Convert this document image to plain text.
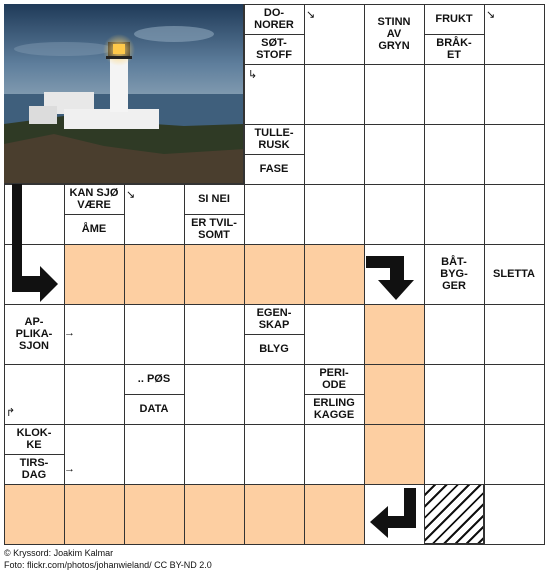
DO-
NORER
SØT-
STOFF
STINN
AV
GRYN
FRUKT
BRÅK-
ET
TULLE-
RUSK
FASE
KAN SJØ
VÆRE
ÅME
SI NEI
ER TVIL-
SOMT
BÅT-
BYG-
GER
SLETTA
AP-
PLIKA-
SJON
EGEN-
SKAP
BLYG
.. PØS
DATA
PERI-
ODE
ERLING
KAGGE
KLOK-
KE
TIRS-
DAG
↘	↘
↳
↘
→
↱
→
© Kryssord: Joakim Kalmar
Foto: flickr.com/photos/johanwieland/ CC BY-ND 2.0
